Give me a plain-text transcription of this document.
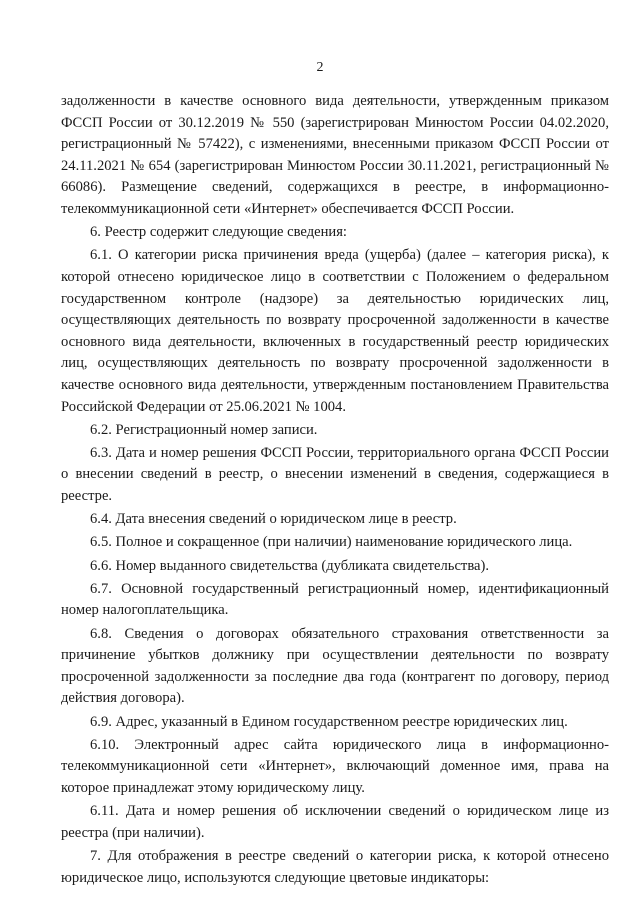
2

задолженности в качестве основного вида деятельности, утвержденным приказом ФССП России от 30.12.2019 № 550 (зарегистрирован Минюстом России 04.02.2020, регистрационный № 57422), с изменениями, внесенными приказом ФССП России от 24.11.2021 № 654 (зарегистрирован Минюстом России 30.11.2021, регистрационный № 66086). Размещение сведений, содержащихся в реестре, в информационно-телекоммуникационной сети «Интернет» обеспечивается ФССП России.

6. Реестр содержит следующие сведения:

6.1. О категории риска причинения вреда (ущерба) (далее – категория риска), к которой отнесено юридическое лицо в соответствии с Положением о федеральном государственном контроле (надзоре) за деятельностью юридических лиц, осуществляющих деятельность по возврату просроченной задолженности в качестве основного вида деятельности, включенных в государственный реестр юридических лиц, осуществляющих деятельность по возврату просроченной задолженности в качестве основного вида деятельности, утвержденным постановлением Правительства Российской Федерации от 25.06.2021 № 1004.

6.2. Регистрационный номер записи.

6.3. Дата и номер решения ФССП России, территориального органа ФССП России о внесении сведений в реестр, о внесении изменений в сведения, содержащиеся в реестре.

6.4. Дата внесения сведений о юридическом лице в реестр.

6.5. Полное и сокращенное (при наличии) наименование юридического лица.

6.6. Номер выданного свидетельства (дубликата свидетельства).

6.7. Основной государственный регистрационный номер, идентификационный номер налогоплательщика.

6.8. Сведения о договорах обязательного страхования ответственности за причинение убытков должнику при осуществлении деятельности по возврату просроченной задолженности за последние два года (контрагент по договору, период действия договора).

6.9. Адрес, указанный в Едином государственном реестре юридических лиц.

6.10. Электронный адрес сайта юридического лица в информационно-телекоммуникационной сети «Интернет», включающий доменное имя, права на которое принадлежат этому юридическому лицу.

6.11. Дата и номер решения об исключении сведений о юридическом лице из реестра (при наличии).

7. Для отображения в реестре сведений о категории риска, к которой отнесено юридическое лицо, используются следующие цветовые индикаторы:
